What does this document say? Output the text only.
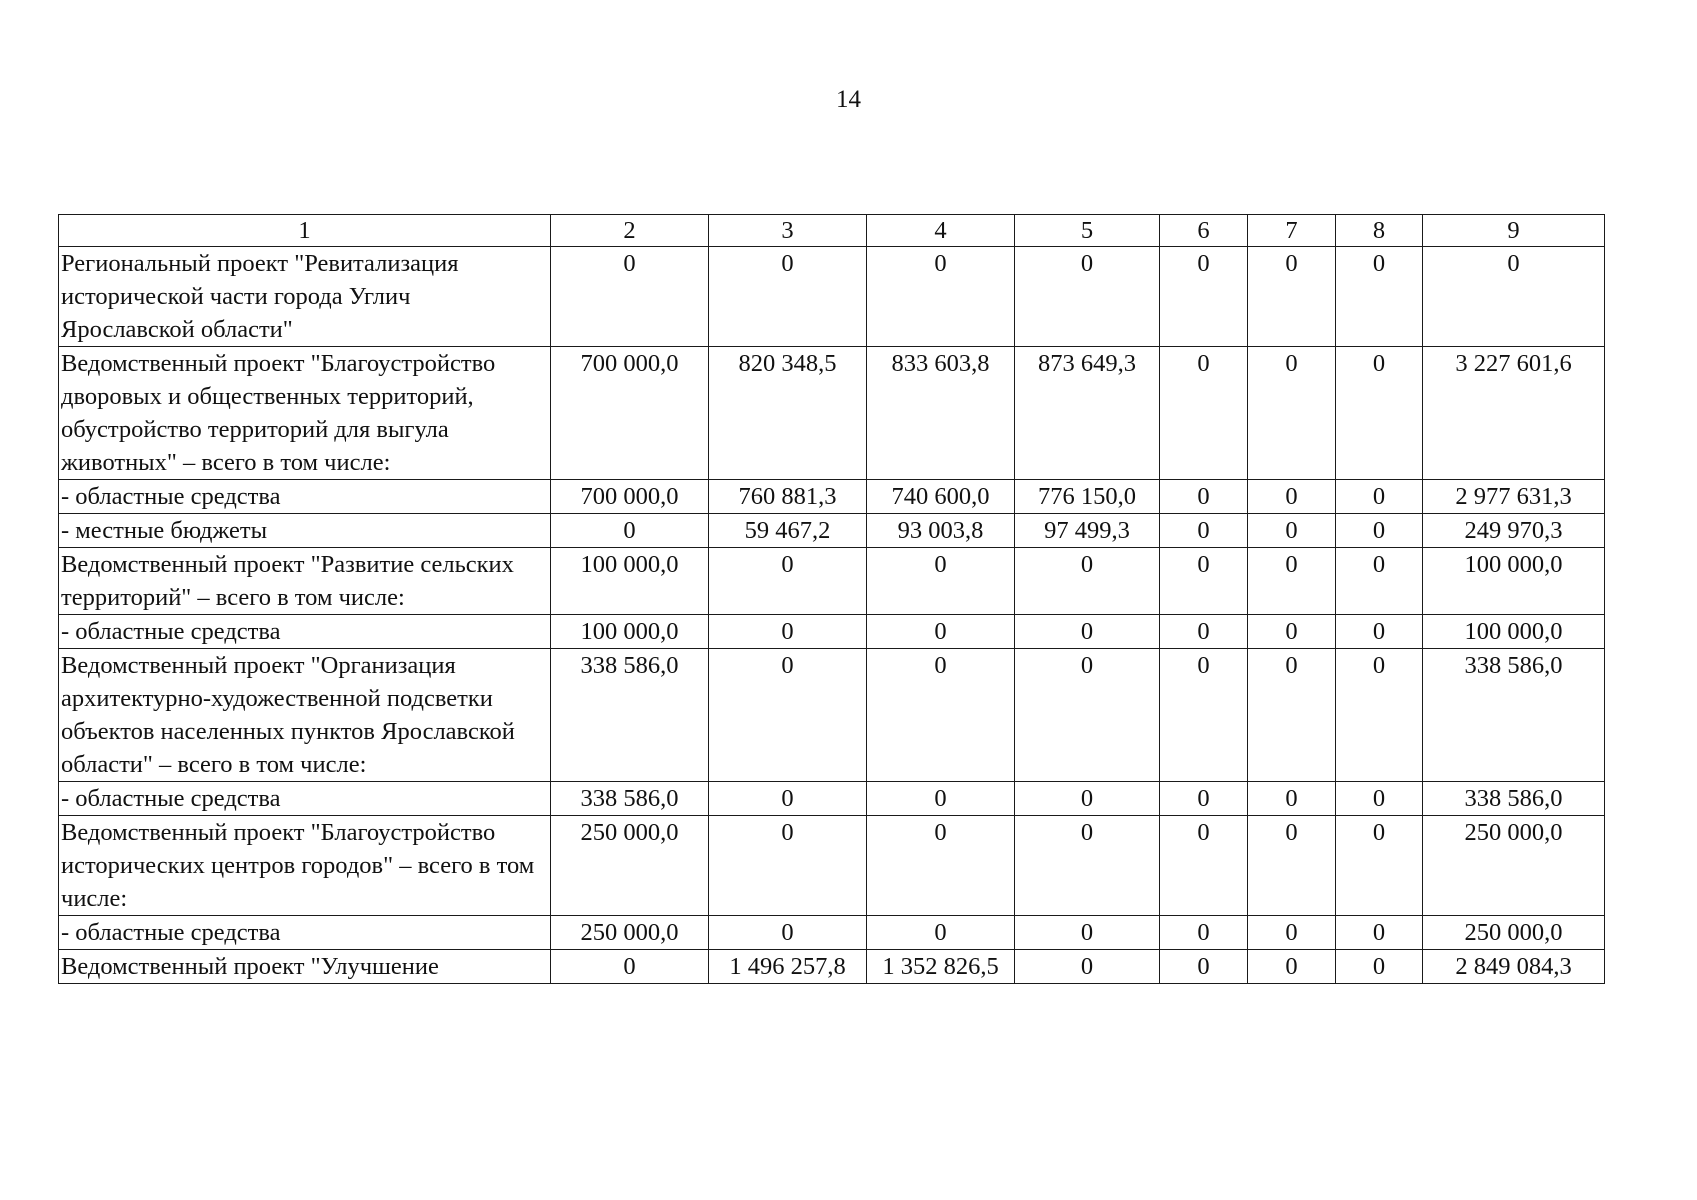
14
1	2	3	4	5	6	7	8	9
Региональный проект "Ревитализация исторической части города Углич Ярославской области"	0	0	0	0	0	0	0	0
Ведомственный проект "Благоустройство дворовых и общественных территорий, обустройство территорий для выгула животных" – всего в том числе:	700 000,0	820 348,5	833 603,8	873 649,3	0	0	0	3 227 601,6
- областные средства	700 000,0	760 881,3	740 600,0	776 150,0	0	0	0	2 977 631,3
- местные бюджеты	0	59 467,2	93 003,8	97 499,3	0	0	0	249 970,3
Ведомственный проект "Развитие сельских территорий" – всего в том числе:	100 000,0	0	0	0	0	0	0	100 000,0
- областные средства	100 000,0	0	0	0	0	0	0	100 000,0
Ведомственный проект "Организация архитектурно-художественной подсветки объектов населенных пунктов Ярославской области" – всего в том числе:	338 586,0	0	0	0	0	0	0	338 586,0
- областные средства	338 586,0	0	0	0	0	0	0	338 586,0
Ведомственный проект "Благоустройство исторических центров городов" – всего в том числе:	250 000,0	0	0	0	0	0	0	250 000,0
- областные средства	250 000,0	0	0	0	0	0	0	250 000,0
Ведомственный проект "Улучшение	0	1 496 257,8	1 352 826,5	0	0	0	0	2 849 084,3
